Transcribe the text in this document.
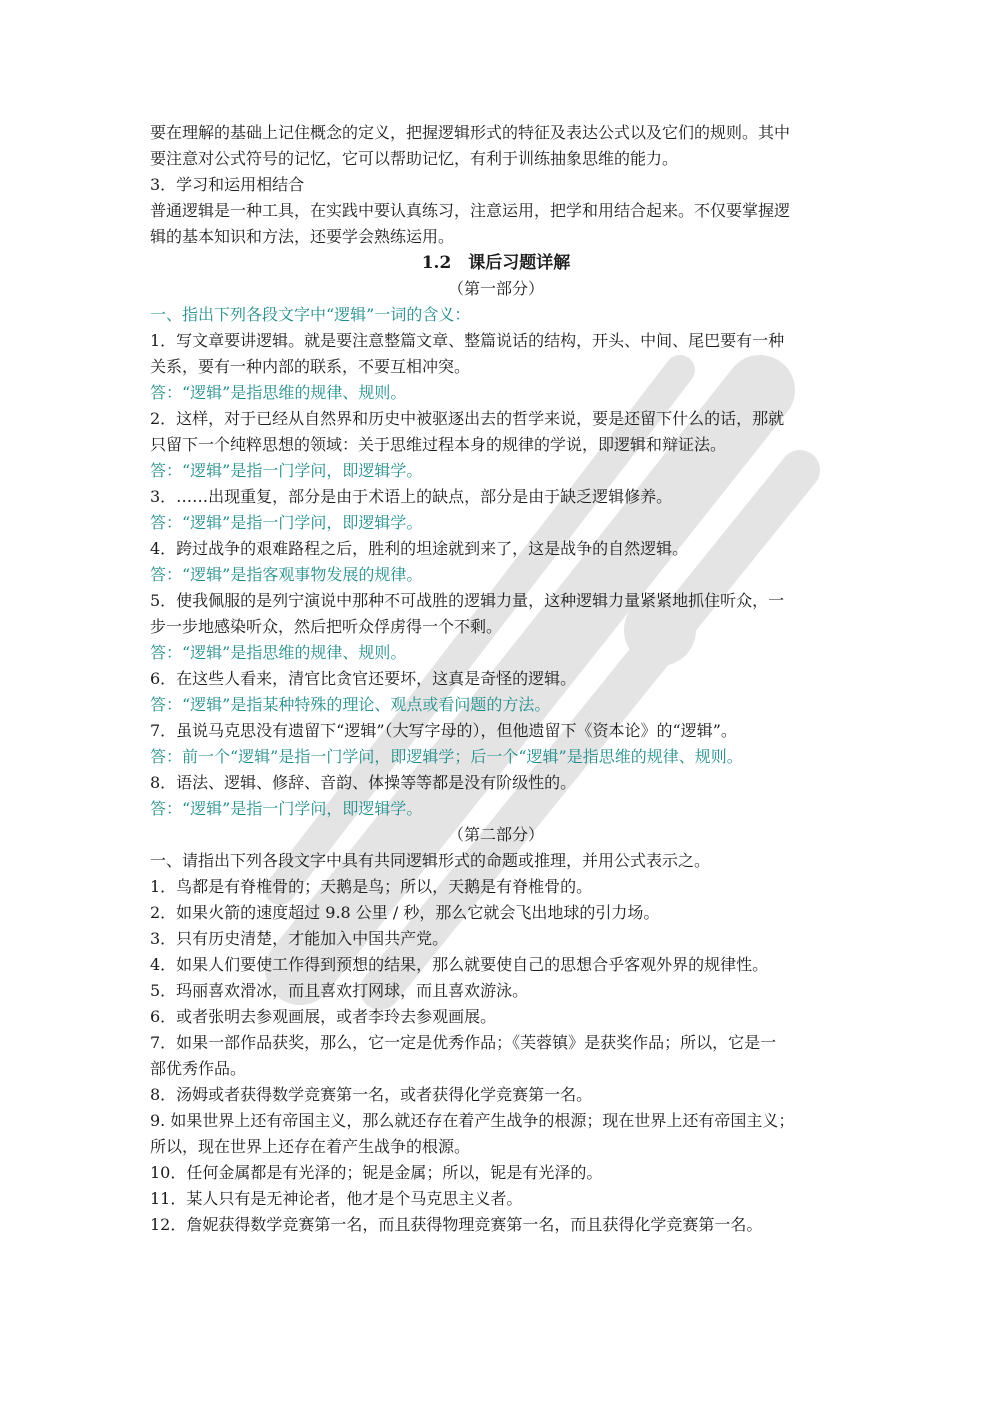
要在理解的基础上记住概念的定义，把握逻辑形式的特征及表达公式以及它们的规则。其中
要注意对公式符号的记忆，它可以帮助记忆，有利于训练抽象思维的能力。
3．学习和运用相结合
普通逻辑是一种工具，在实践中要认真练习，注意运用，把学和用结合起来。不仅要掌握逻
辑的基本知识和方法，还要学会熟练运用。
1.2　课后习题详解
（第一部分）
一、指出下列各段文字中“逻辑”一词的含义：
1．写文章要讲逻辑。就是要注意整篇文章、整篇说话的结构，开头、中间、尾巴要有一种
关系，要有一种内部的联系，不要互相冲突。
答：“逻辑”是指思维的规律、规则。
2．这样，对于已经从自然界和历史中被驱逐出去的哲学来说，要是还留下什么的话，那就
只留下一个纯粹思想的领域：关于思维过程本身的规律的学说，即逻辑和辩证法。
答：“逻辑”是指一门学问，即逻辑学。
3．……出现重复，部分是由于术语上的缺点，部分是由于缺乏逻辑修养。
答：“逻辑”是指一门学问，即逻辑学。
4．跨过战争的艰难路程之后，胜利的坦途就到来了，这是战争的自然逻辑。
答：“逻辑”是指客观事物发展的规律。
5．使我佩服的是列宁演说中那种不可战胜的逻辑力量，这种逻辑力量紧紧地抓住听众，一
步一步地感染听众，然后把听众俘虏得一个不剩。
答：“逻辑”是指思维的规律、规则。
6．在这些人看来，清官比贪官还要坏，这真是奇怪的逻辑。
答：“逻辑”是指某种特殊的理论、观点或看问题的方法。
7．虽说马克思没有遗留下“逻辑”（大写字母的），但他遗留下《资本论》的“逻辑”。
答：前一个“逻辑”是指一门学问，即逻辑学；后一个“逻辑”是指思维的规律、规则。
8．语法、逻辑、修辞、音韵、体操等等都是没有阶级性的。
答：“逻辑”是指一门学问，即逻辑学。
（第二部分）
一、请指出下列各段文字中具有共同逻辑形式的命题或推理，并用公式表示之。
1．鸟都是有脊椎骨的；天鹅是鸟；所以，天鹅是有脊椎骨的。
2．如果火箭的速度超过 9.8 公里 / 秒，那么它就会飞出地球的引力场。
3．只有历史清楚，才能加入中国共产党。
4．如果人们要使工作得到预想的结果，那么就要使自己的思想合乎客观外界的规律性。
5．玛丽喜欢滑冰，而且喜欢打网球，而且喜欢游泳。
6．或者张明去参观画展，或者李玲去参观画展。
7．如果一部作品获奖，那么，它一定是优秀作品；《芙蓉镇》是获奖作品；所以，它是一
部优秀作品。
8．汤姆或者获得数学竞赛第一名，或者获得化学竞赛第一名。
9. 如果世界上还有帝国主义，那么就还存在着产生战争的根源；现在世界上还有帝国主义；
所以，现在世界上还存在着产生战争的根源。
10．任何金属都是有光泽的；铌是金属；所以，铌是有光泽的。
11．某人只有是无神论者，他才是个马克思主义者。
12．詹妮获得数学竞赛第一名，而且获得物理竞赛第一名，而且获得化学竞赛第一名。
